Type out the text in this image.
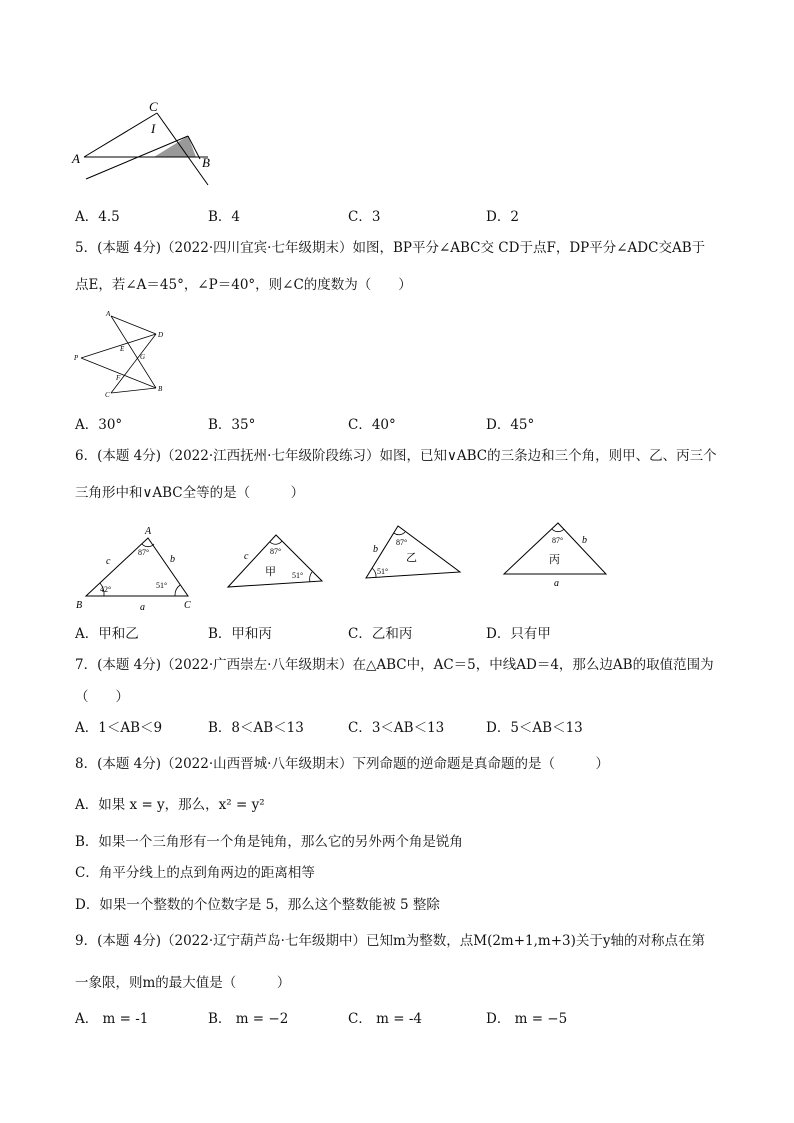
C
I
A	B
A．4.5	B．4	C．3	D．2
5．(本题 4分)（2022·四川宜宾·七年级期末）如图，BP平分∠ABC交 CD于点F，DP平分∠ADC交AB于
点E，若∠A＝45°，∠P＝40°，则∠C的度数为（　　）
A
D
E
G
P
F
C
B
A．30°	B．35°	C．40°	D．45°
6．(本题 4分)（2022·江西抚州·七年级阶段练习）如图，已知∨ABC的三条边和三个角，则甲、乙、丙三个
三角形中和∨ABC全等的是（　　　）
A
B	C
a
b
c
87°
42°	51°
c	87°
51°
甲
b
87°
51°
乙
b
a
87°
丙
A．甲和乙	B．甲和丙	C．乙和丙	D．只有甲
7．(本题 4分)（2022·广西崇左·八年级期末）在△ABC中，AC＝5，中线AD＝4，那么边AB的取值范围为
（　　）
A．1＜AB＜9	B．8＜AB＜13	C．3＜AB＜13	D．5＜AB＜13
8．(本题 4分)（2022·山西晋城·八年级期末）下列命题的逆命题是真命题的是（　　　）
A．如果 x = y，那么，x² = y²
B．如果一个三角形有一个角是钝角，那么它的另外两个角是锐角
C．角平分线上的点到角两边的距离相等
D．如果一个整数的个位数字是 5，那么这个整数能被 5 整除
9．(本题 4分)（2022·辽宁葫芦岛·七年级期中）已知m为整数，点M(2m+1,m+3)关于y轴的对称点在第
一象限，则m的最大值是（　　　）
A． m = -1	B． m = −2	C． m = -4	D． m = −5
